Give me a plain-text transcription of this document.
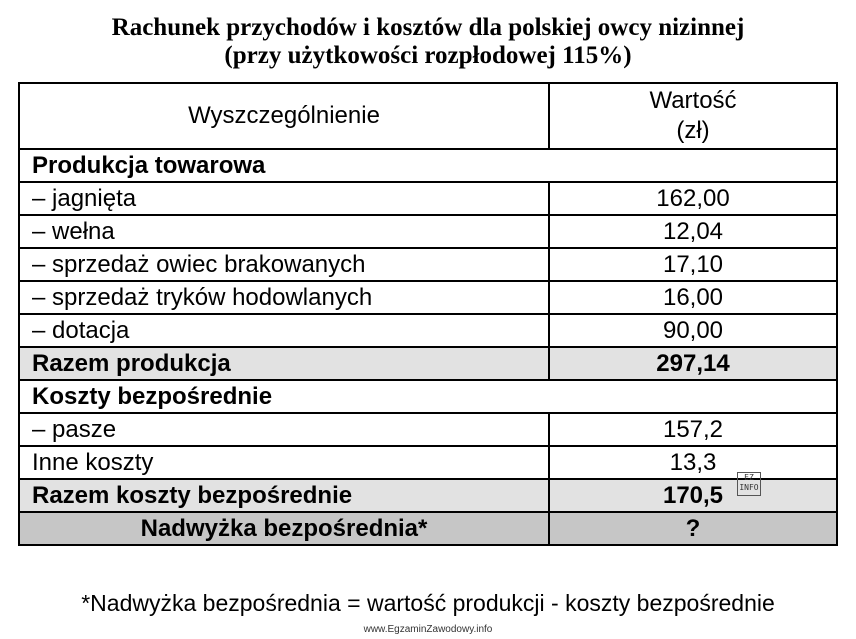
Rachunek przychodów i kosztów dla polskiej owcy nizinnej
(przy użytkowości rozpłodowej 115%)
Wyszczególnienie	Wartość
(zł)

Produkcja towarowa	
– jagnięta	162,00
– wełna	12,04
– sprzedaż owiec brakowanych	17,10
– sprzedaż tryków hodowlanych	16,00
– dotacja	90,00
Razem produkcja	297,14
Koszty bezpośrednie	
– pasze	157,2
Inne koszty	13,3
Razem koszty bezpośrednie	170,5
Nadwyżka bezpośrednia*	?
EZ
INFO
*Nadwyżka bezpośrednia = wartość produkcji - koszty bezpośrednie
www.EgzaminZawodowy.info
